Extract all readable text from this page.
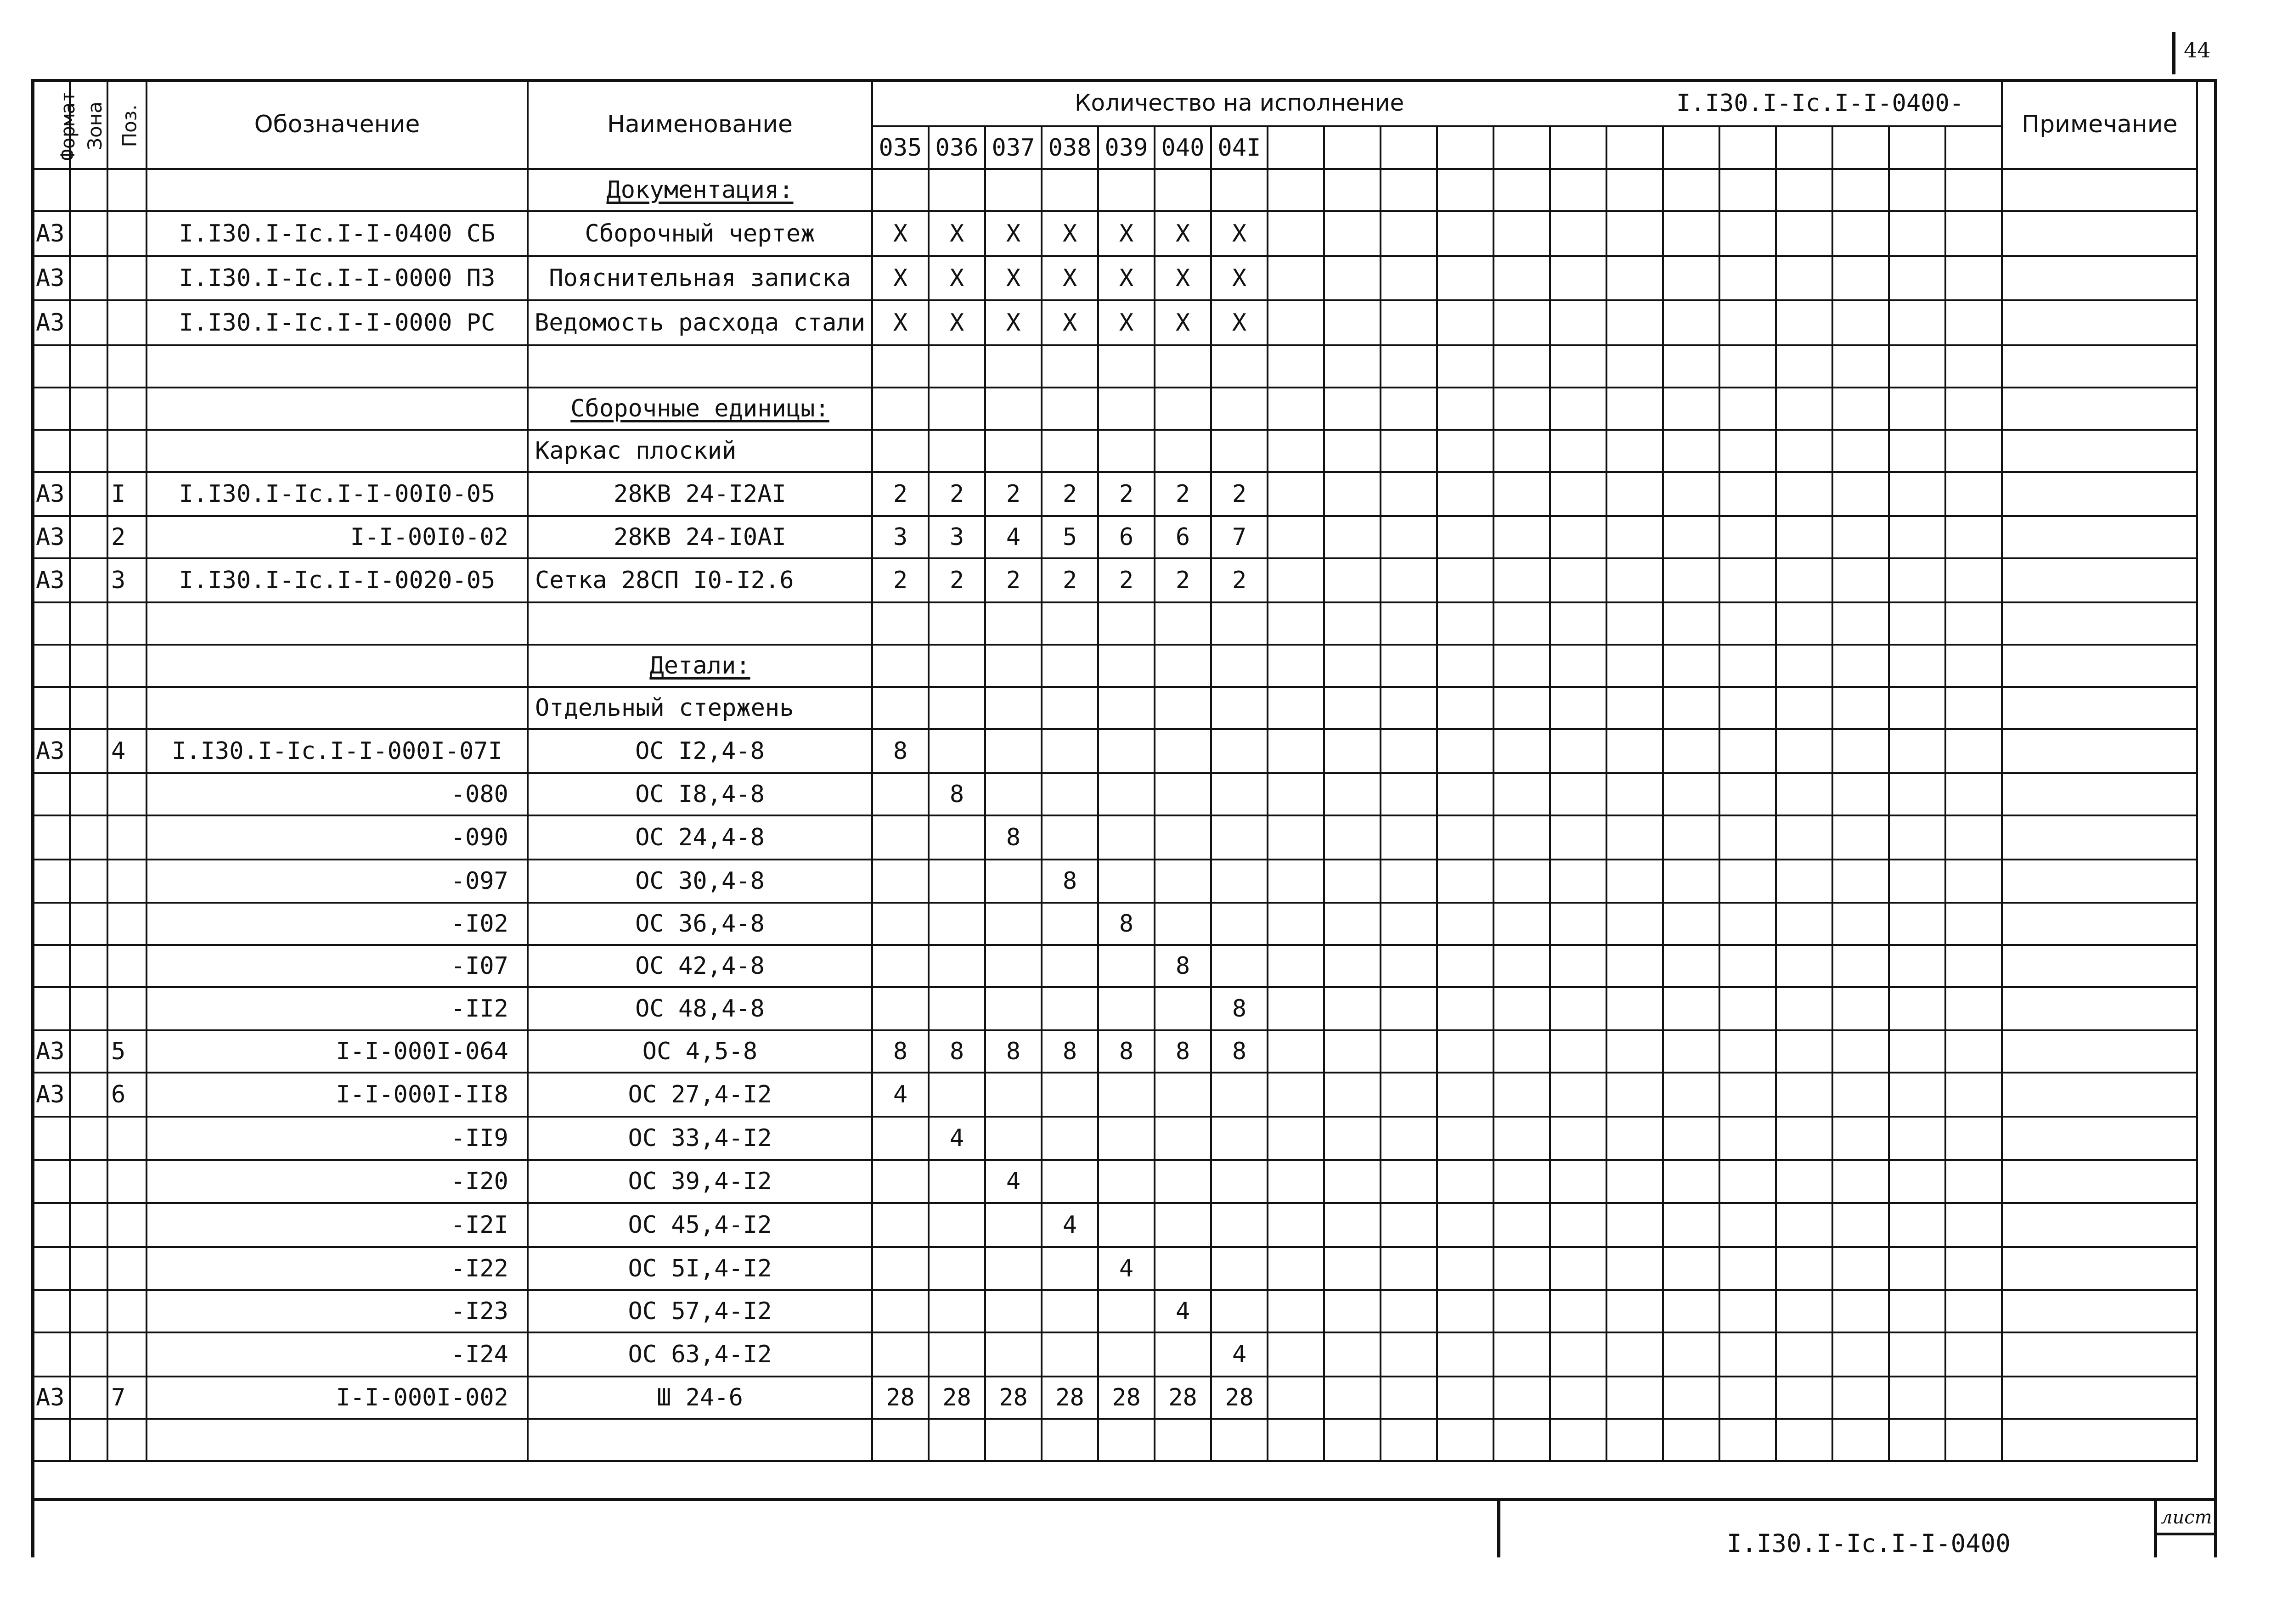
44
Формат	Зона	Поз.	Обозначение	Наименование																					Примечание
					035	036	037	038	039	040	04I														
				Документация:																					
А3			I.I30.I-Ic.I-I-0400 СБ	Сборочный чертеж	Х	Х	Х	Х	Х	Х	Х														
А3			I.I30.I-Ic.I-I-0000 ПЗ	Пояснительная записка	Х	Х	Х	Х	Х	Х	Х														
А3			I.I30.I-Ic.I-I-0000 РС	Ведомость расхода стали	Х	Х	Х	Х	Х	Х	Х														

				Сборочные единицы:																					
				Каркас плоский																					
А3		I	I.I30.I-Ic.I-I-00I0-05	28КВ 24-I2АI	2	2	2	2	2	2	2														
А3		2	I-I-00I0-02	28КВ 24-I0АI	3	3	4	5	6	6	7														
А3		3	I.I30.I-Ic.I-I-0020-05	Сетка 28СП I0-I2.6	2	2	2	2	2	2	2														

				Детали:																					
				Отдельный стержень																					
А3		4	I.I30.I-Ic.I-I-000I-07I	ОС I2,4-8	8																				
			-080	ОС I8,4-8		8																			
			-090	ОС 24,4-8			8																		
			-097	ОС 30,4-8				8																	
			-I02	ОС 36,4-8					8																
			-I07	ОС 42,4-8						8															
			-II2	ОС 48,4-8							8														
А3		5	I-I-000I-064	ОС 4,5-8	8	8	8	8	8	8	8														
А3		6	I-I-000I-II8	ОС 27,4-I2	4																				
			-II9	ОС 33,4-I2		4																			
			-I20	ОС 39,4-I2			4																		
			-I2I	ОС 45,4-I2				4																	
			-I22	ОС 5I,4-I2					4																
			-I23	ОС 57,4-I2						4															
			-I24	ОС 63,4-I2							4														
А3		7	I-I-000I-002	Ш 24-6	28	28	28	28	28	28	28														

Количество на исполнение	I.I30.I-Ic.I-I-0400-
лист
I.I30.I-Ic.I-I-0400
